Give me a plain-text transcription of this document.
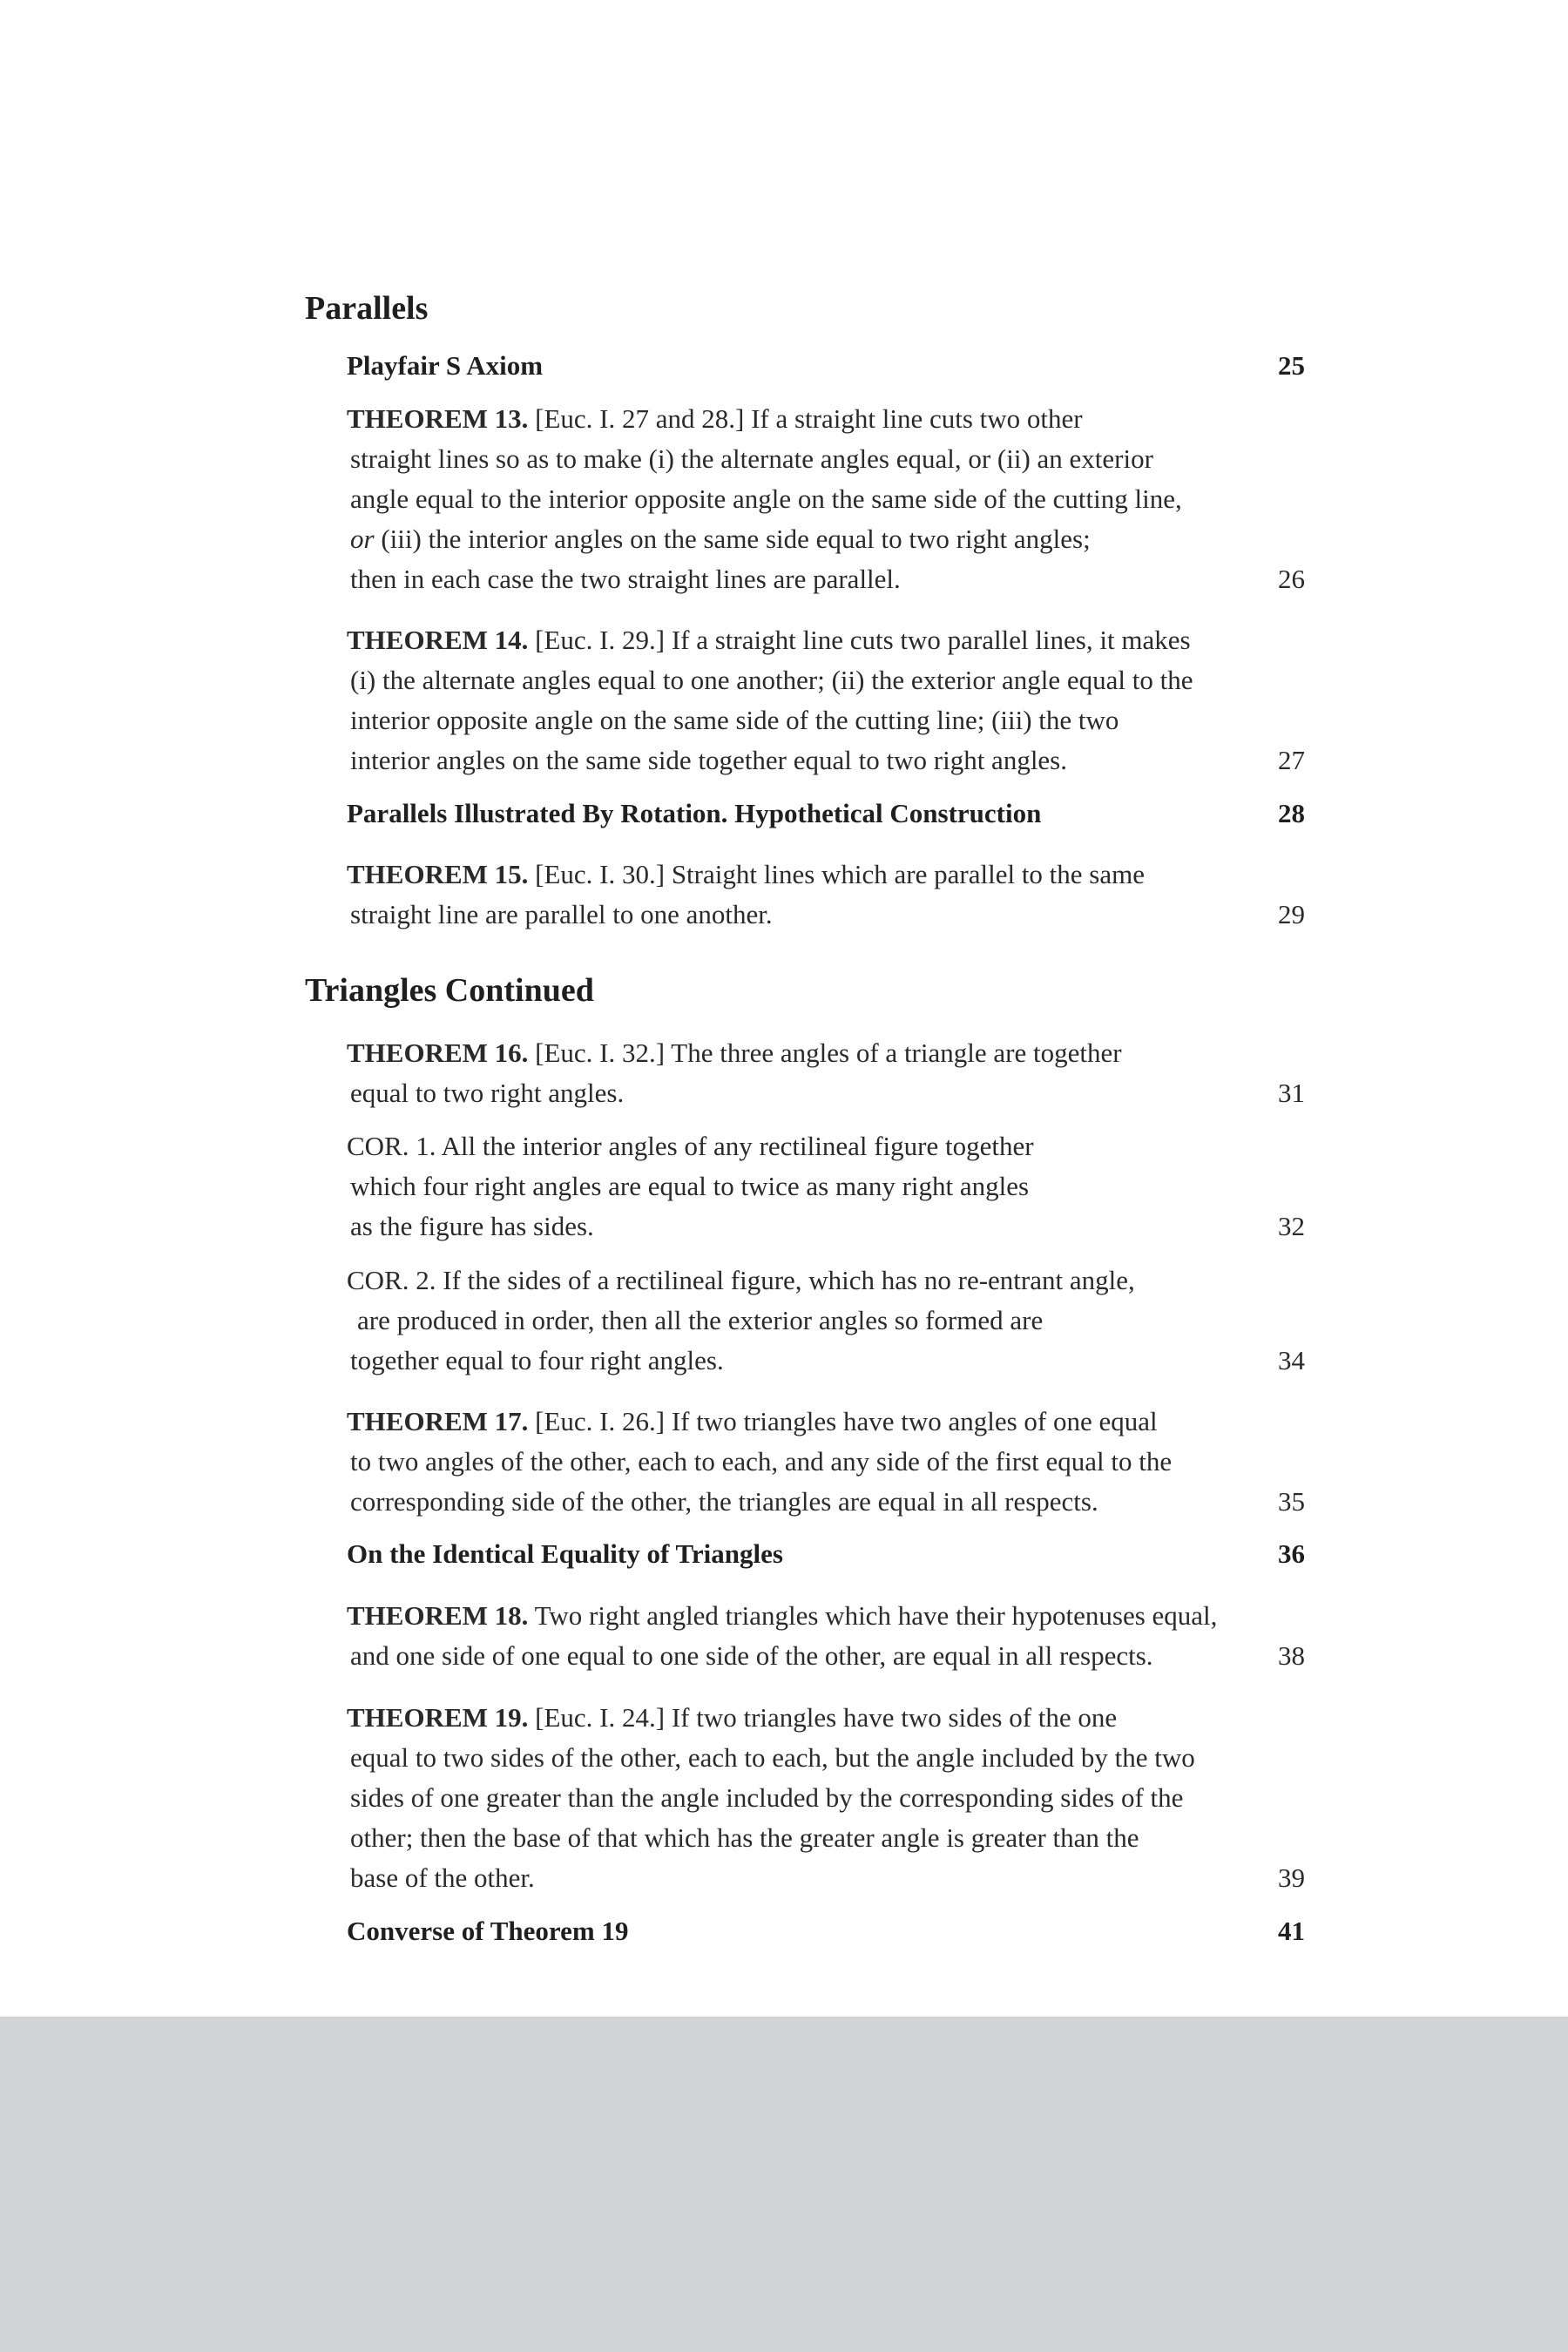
Parallels
Playfair S Axiom	25
THEOREM 13. [Euc. I. 27 and 28.] If a straight line cuts two other
straight lines so as to make (i) the alternate angles equal, or (ii) an exterior
angle equal to the interior opposite angle on the same side of the cutting line,
or (iii) the interior angles on the same side equal to two right angles;
then in each case the two straight lines are parallel.	26
THEOREM 14. [Euc. I. 29.] If a straight line cuts two parallel lines, it makes
(i) the alternate angles equal to one another; (ii) the exterior angle equal to the
interior opposite angle on the same side of the cutting line; (iii) the two
interior angles on the same side together equal to two right angles.	27
Parallels Illustrated By Rotation. Hypothetical Construction	28
THEOREM 15. [Euc. I. 30.] Straight lines which are parallel to the same
straight line are parallel to one another.	29
Triangles Continued
THEOREM 16. [Euc. I. 32.] The three angles of a triangle are together
equal to two right angles.	31
COR. 1. All the interior angles of any rectilineal figure together
which four right angles are equal to twice as many right angles
as the figure has sides.	32
COR. 2. If the sides of a rectilineal figure, which has no re-entrant angle,
are produced in order, then all the exterior angles so formed are
together equal to four right angles.	34
THEOREM 17. [Euc. I. 26.] If two triangles have two angles of one equal
to two angles of the other, each to each, and any side of the first equal to the
corresponding side of the other, the triangles are equal in all respects.	35
On the Identical Equality of Triangles	36
THEOREM 18. Two right angled triangles which have their hypotenuses equal,
and one side of one equal to one side of the other, are equal in all respects.	38
THEOREM 19. [Euc. I. 24.] If two triangles have two sides of the one
equal to two sides of the other, each to each, but the angle included by the two
sides of one greater than the angle included by the corresponding sides of the
other; then the base of that which has the greater angle is greater than the
base of the other.	39
Converse of Theorem 19	41
